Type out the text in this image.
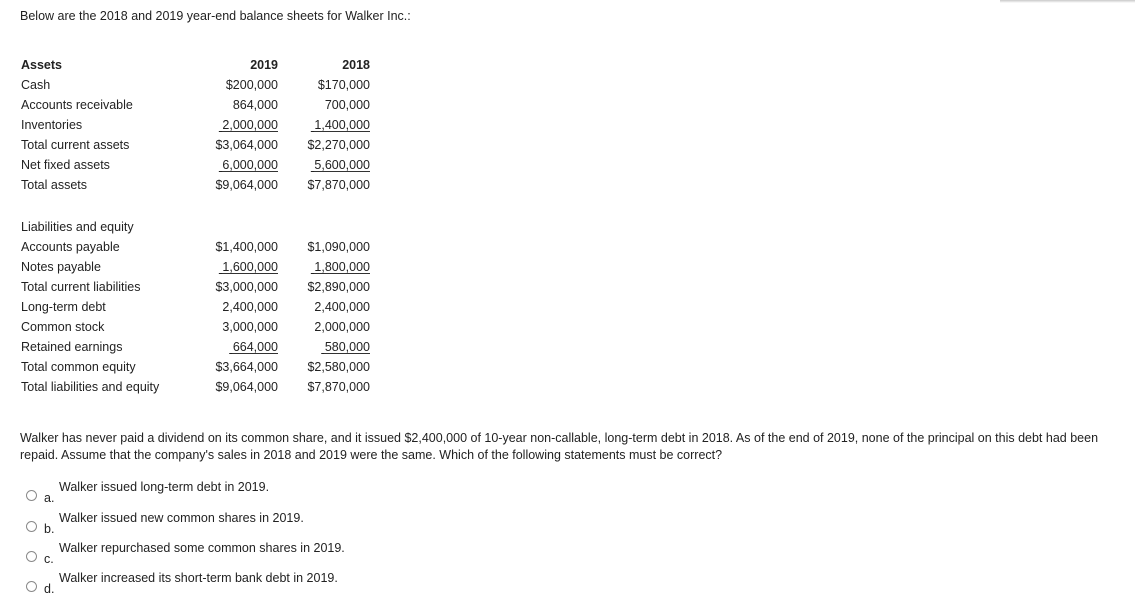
Below are the 2018 and 2019 year-end balance sheets for Walker Inc.:

Assets	2019	2018
Cash	$200,000	$170,000
Accounts receivable	864,000	700,000
Inventories	2,000,000	1,400,000
Total current assets	$3,064,000	$2,270,000
Net fixed assets	6,000,000	5,600,000
Total assets	$9,064,000	$7,870,000
Liabilities and equity
Accounts payable	$1,400,000	$1,090,000
Notes payable	1,600,000	1,800,000
Total current liabilities	$3,000,000	$2,890,000
Long-term debt	2,400,000	2,400,000
Common stock	3,000,000	2,000,000
Retained earnings	664,000	580,000
Total common equity	$3,664,000	$2,580,000
Total liabilities and equity	$9,064,000	$7,870,000

Walker has never paid a dividend on its common share, and it issued $2,400,000 of 10-year non-callable, long-term debt in 2018. As of the end of 2019, none of the principal on this debt had been repaid. Assume that the company's sales in 2018 and 2019 were the same. Which of the following statements must be correct?

a.
Walker issued long-term debt in 2019.
b.
Walker issued new common shares in 2019.
c.
Walker repurchased some common shares in 2019.
d.
Walker increased its short-term bank debt in 2019.
